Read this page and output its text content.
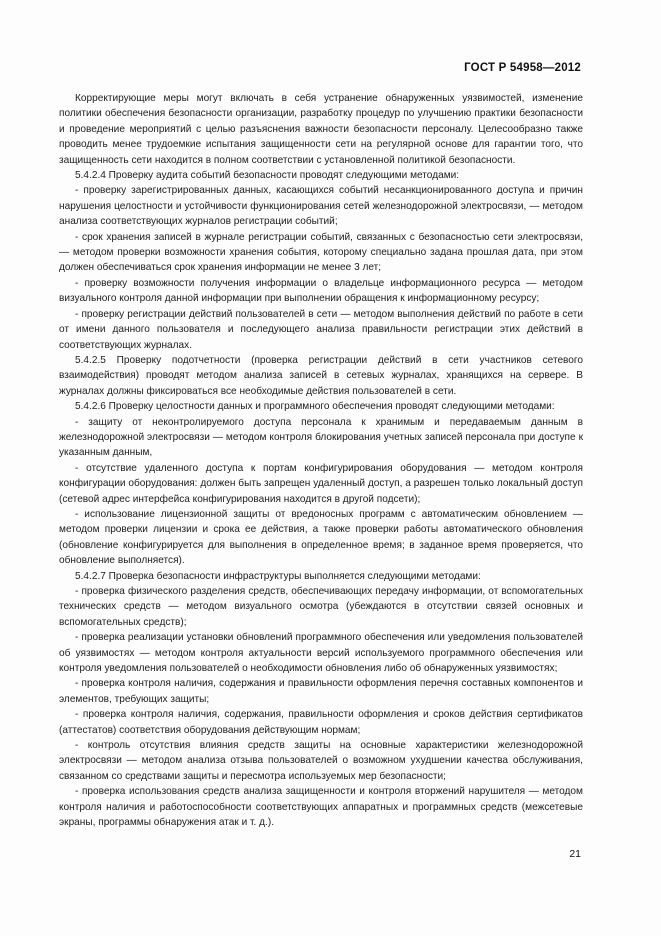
ГОСТ Р 54958—2012

Корректирующие меры могут включать в себя устранение обнаруженных уязвимостей, изменение политики обеспечения безопасности организации, разработку процедур по улучшению практики безопасности и проведение мероприятий с целью разъяснения важности безопасности персоналу. Целесообразно также проводить менее трудоемкие испытания защищенности сети на регулярной основе для гарантии того, что защищенность сети находится в полном соответствии с установленной политикой безопасности.

5.4.2.4 Проверку аудита событий безопасности проводят следующими методами:

- проверку зарегистрированных данных, касающихся событий несанкционированного доступа и причин нарушения целостности и устойчивости функционирования сетей железнодорожной электросвязи, — методом анализа соответствующих журналов регистрации событий;

- срок хранения записей в журнале регистрации событий, связанных с безопасностью сети электросвязи, — методом проверки возможности хранения события, которому специально задана прошлая дата, при этом должен обеспечиваться срок хранения информации не менее 3 лет;

- проверку возможности получения информации о владельце информационного ресурса — методом визуального контроля данной информации при выполнении обращения к информационному ресурсу;

- проверку регистрации действий пользователей в сети — методом выполнения действий по работе в сети от имени данного пользователя и последующего анализа правильности регистрации этих действий в соответствующих журналах.

5.4.2.5 Проверку подотчетности (проверка регистрации действий в сети участников сетевого взаимодействия) проводят методом анализа записей в сетевых журналах, хранящихся на сервере. В журналах должны фиксироваться все необходимые действия пользователей в сети.

5.4.2.6 Проверку целостности данных и программного обеспечения проводят следующими методами:

- защиту от неконтролируемого доступа персонала к хранимым и передаваемым данным в железнодорожной электросвязи — методом контроля блокирования учетных записей персонала при доступе к указанным данным,

- отсутствие удаленного доступа к портам конфигурирования оборудования — методом контроля конфигурации оборудования: должен быть запрещен удаленный доступ, а разрешен только локальный доступ (сетевой адрес интерфейса конфигурирования находится в другой подсети);

- использование лицензионной защиты от вредоносных программ с автоматическим обновлением — методом проверки лицензии и срока ее действия, а также проверки работы автоматического обновления (обновление конфигурируется для выполнения в определенное время; в заданное время проверяется, что обновление выполняется).

5.4.2.7 Проверка безопасности инфраструктуры выполняется следующими методами:

- проверка физического разделения средств, обеспечивающих передачу информации, от вспомогательных технических средств — методом визуального осмотра (убеждаются в отсутствии связей основных и вспомогательных средств);

- проверка реализации установки обновлений программного обеспечения или уведомления пользователей об уязвимостях — методом контроля актуальности версий используемого программного обеспечения или контроля уведомления пользователей о необходимости обновления либо об обнаруженных уязвимостях;

- проверка контроля наличия, содержания и правильности оформления перечня составных компонентов и элементов, требующих защиты;

- проверка контроля наличия, содержания, правильности оформления и сроков действия сертификатов (аттестатов) соответствия оборудования действующим нормам;

- контроль отсутствия влияния средств защиты на основные характеристики железнодорожной электросвязи — методом анализа отзыва пользователей о возможном ухудшении качества обслуживания, связанном со средствами защиты и пересмотра используемых мер безопасности;

- проверка использования средств анализа защищенности и контроля вторжений нарушителя — методом контроля наличия и работоспособности соответствующих аппаратных и программных средств (межсетевые экраны, программы обнаружения атак и т. д.).

21
